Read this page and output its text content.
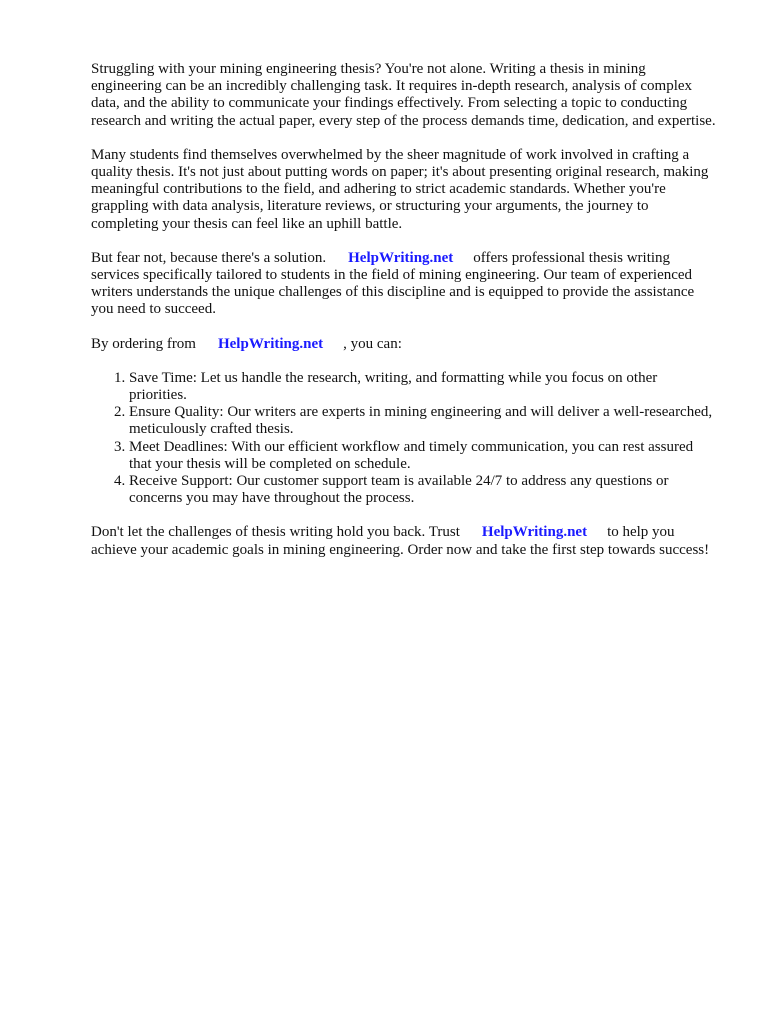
Struggling with your mining engineering thesis? You're not alone. Writing a thesis in mining engineering can be an incredibly challenging task. It requires in-depth research, analysis of complex data, and the ability to communicate your findings effectively. From selecting a topic to conducting research and writing the actual paper, every step of the process demands time, dedication, and expertise.

Many students find themselves overwhelmed by the sheer magnitude of work involved in crafting a quality thesis. It's not just about putting words on paper; it's about presenting original research, making meaningful contributions to the field, and adhering to strict academic standards. Whether you're grappling with data analysis, literature reviews, or structuring your arguments, the journey to completing your thesis can feel like an uphill battle.

But fear not, because there's a solution. HelpWriting.net offers professional thesis writing services specifically tailored to students in the field of mining engineering. Our team of experienced writers understands the unique challenges of this discipline and is equipped to provide the assistance you need to succeed.

By ordering from HelpWriting.net , you can:

1. Save Time: Let us handle the research, writing, and formatting while you focus on other priorities.
2. Ensure Quality: Our writers are experts in mining engineering and will deliver a well-researched, meticulously crafted thesis.
3. Meet Deadlines: With our efficient workflow and timely communication, you can rest assured that your thesis will be completed on schedule.
4. Receive Support: Our customer support team is available 24/7 to address any questions or concerns you may have throughout the process.

Don't let the challenges of thesis writing hold you back. Trust HelpWriting.net to help you achieve your academic goals in mining engineering. Order now and take the first step towards success!
